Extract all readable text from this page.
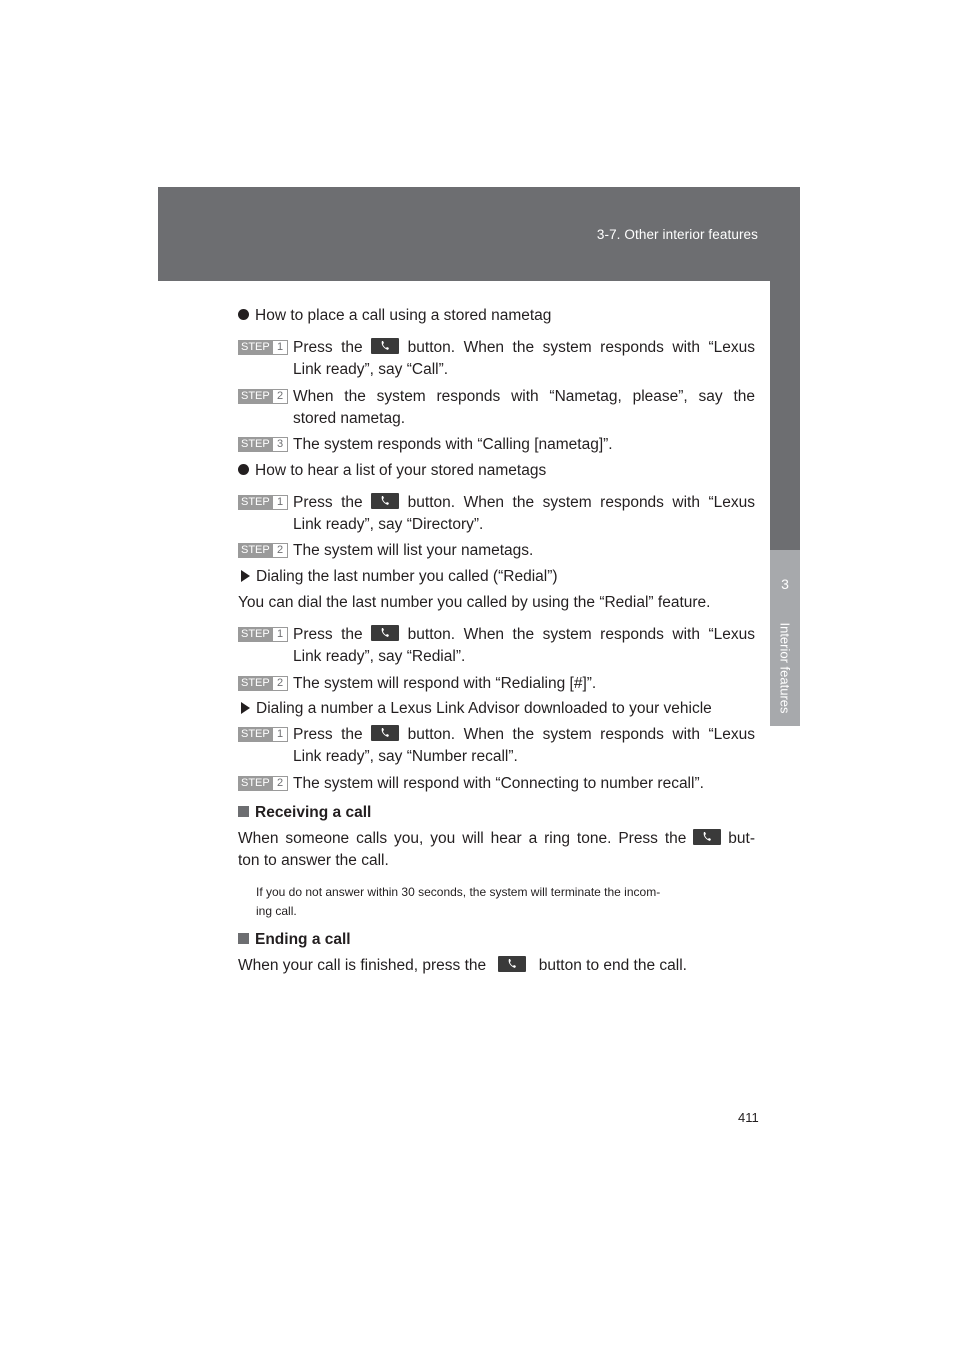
3-7. Other interior features
3
Interior features
How to place a call using a stored nametag
STEP 1 Press the	button. When the system responds with “Lexus
Link ready”, say “Call”.
STEP 2 When the system responds with “Nametag, please”, say the
stored nametag.
STEP 3 The system responds with “Calling [nametag]”.
How to hear a list of your stored nametags
STEP 1 Press the	button. When the system responds with “Lexus
Link ready”, say “Directory”.
STEP 2 The system will list your nametags.
Dialing the last number you called (“Redial”)
You can dial the last number you called by using the “Redial” feature.
STEP 1 Press the	button. When the system responds with “Lexus
Link ready”, say “Redial”.
STEP 2 The system will respond with “Redialing [#]”.
Dialing a number a Lexus Link Advisor downloaded to your vehicle
STEP 1 Press the	button. When the system responds with “Lexus
Link ready”, say “Number recall”.
STEP 2 The system will respond with “Connecting to number recall”.
Receiving a call
When someone calls you, you will hear a ring tone. Press the	but-
ton to answer the call.
If you do not answer within 30 seconds, the system will terminate the incom-
ing call.
Ending a call
When your call is finished, press the	button to end the call.
411
